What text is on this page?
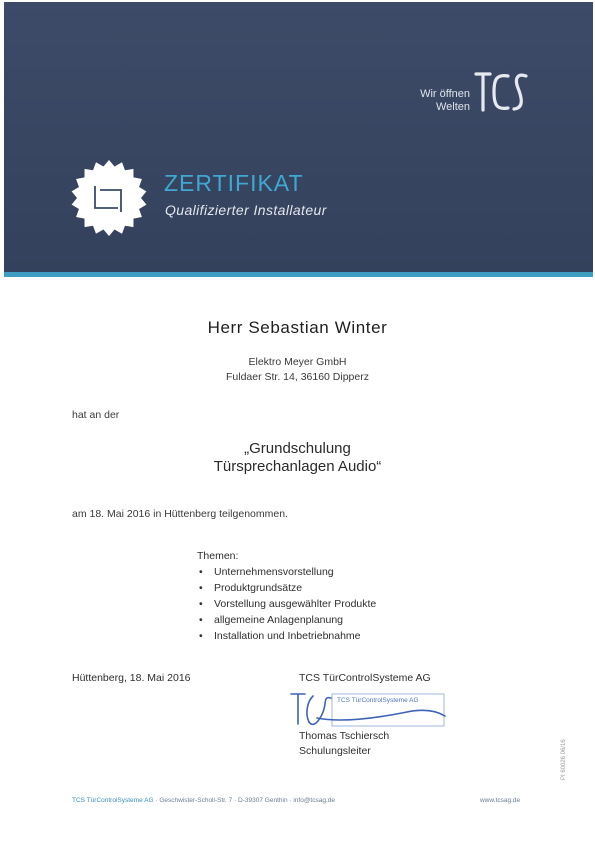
Wir öffnen
Welten
ZERTIFIKAT
Qualifizierter Installateur
Herr Sebastian Winter
Elektro Meyer GmbH
Fuldaer Str. 14, 36160 Dipperz
hat an der
„Grundschulung
Türsprechanlagen Audio“
am 18. Mai 2016 in Hüttenberg teilgenommen.
Themen:
• Unternehmensvorstellung
• Produktgrundsätze
• Vorstellung ausgewählter Produkte
• allgemeine Anlagenplanung
• Installation und Inbetriebnahme
Hüttenberg, 18. Mai 2016	TCS TürControlSysteme AG
TCS TürControlSysteme AG
Thomas Tschiersch
Schulungsleiter
TCS TürControlSysteme AG · Geschwister-Scholl-Str. 7 · D-39307 Genthin · info@tcsag.de	www.tcsag.de
PI 60026 06/16
